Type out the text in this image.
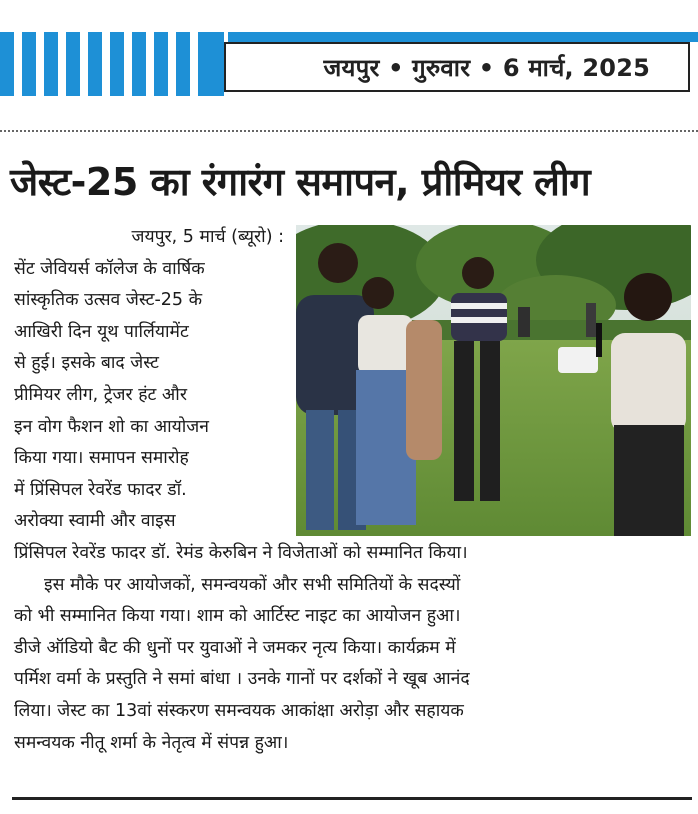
जयपुर • गुरुवार • 6 मार्च, 2025
जेस्ट-25 का रंगारंग समापन, प्रीमियर लीग
जयपुर, 5 मार्च (ब्यूरो) :
सेंट जेवियर्स कॉलेज के वार्षिक
सांस्कृतिक उत्सव जेस्ट-25 के
आखिरी दिन यूथ पार्लियामेंट
से हुई। इसके बाद जेस्ट
प्रीमियर लीग, ट्रेजर हंट और
इन वोग फैशन शो का आयोजन
किया गया। समापन समारोह
में प्रिंसिपल रेवरेंड फादर डॉ.
अरोक्या स्वामी और वाइस
प्रिंसिपल रेवरेंड फादर डॉ. रेमंड केरुबिन ने विजेताओं को सम्मानित किया।
इस मौके पर आयोजकों, समन्वयकों और सभी समितियों के सदस्यों
को भी सम्मानित किया गया। शाम को आर्टिस्ट नाइट का आयोजन हुआ।
डीजे ऑडियो बैट की धुनों पर युवाओं ने जमकर नृत्य किया। कार्यक्रम में
पर्मिश वर्मा के प्रस्तुति ने समां बांधा । उनके गानों पर दर्शकों ने खूब आनंद
लिया। जेस्ट का 13वां संस्करण समन्वयक आकांक्षा अरोड़ा और सहायक
समन्वयक नीतू शर्मा के नेतृत्व में संपन्न हुआ।
